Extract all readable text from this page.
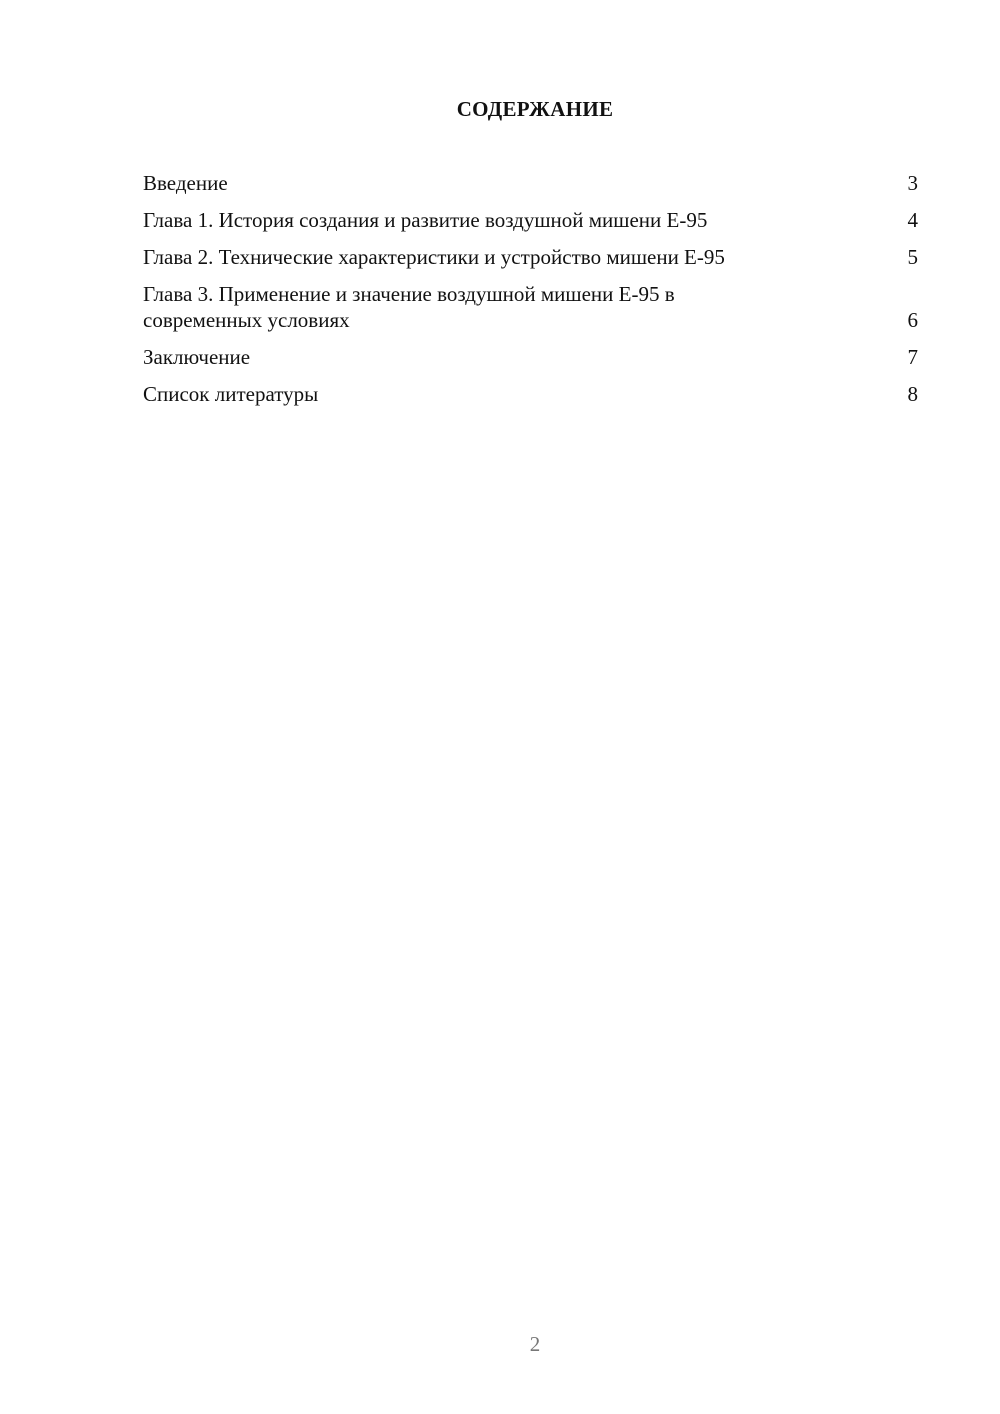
СОДЕРЖАНИЕ
Введение	3
Глава 1. История создания и развитие воздушной мишени Е-95	4
Глава 2. Технические характеристики и устройство мишени Е-95	5
Глава 3. Применение и значение воздушной мишени Е-95 в современных условиях	6
Заключение	7
Список литературы	8
2
